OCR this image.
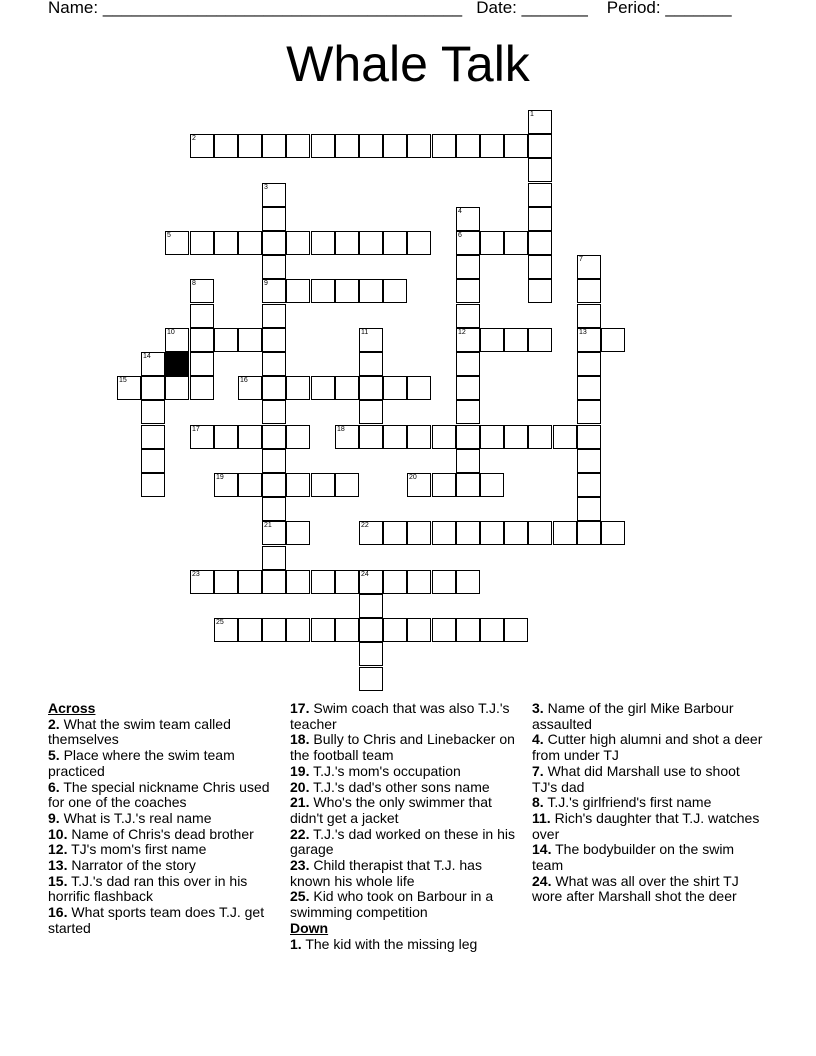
Name: ______________________________________ Date: _______ Period: _______
Whale Talk
1
2
3
9
21
4
6
12
5
7
13
8
10	11
14
15	16
17	18
19	20
22
23	24
25
Across
2. What the swim team called themselves
5. Place where the swim team practiced
6. The special nickname Chris used for one of the coaches
9. What is T.J.'s real name
10. Name of Chris's dead brother
12. TJ's mom's first name
13. Narrator of the story
15. T.J.'s dad ran this over in his horrific flashback
16. What sports team does T.J. get started
17. Swim coach that was also T.J.'s teacher
18. Bully to Chris and Linebacker on the football team
19. T.J.'s mom's occupation
20. T.J.'s dad's other sons name
21. Who's the only swimmer that didn't get a jacket
22. T.J.'s dad worked on these in his garage
23. Child therapist that T.J. has known his whole life
25. Kid who took on Barbour in a swimming competition
Down
1. The kid with the missing leg
3. Name of the girl Mike Barbour assaulted
4. Cutter high alumni and shot a deer from under TJ
7. What did Marshall use to shoot TJ's dad
8. T.J.'s girlfriend's first name
11. Rich's daughter that T.J. watches over
14. The bodybuilder on the swim team
24. What was all over the shirt TJ wore after Marshall shot the deer
